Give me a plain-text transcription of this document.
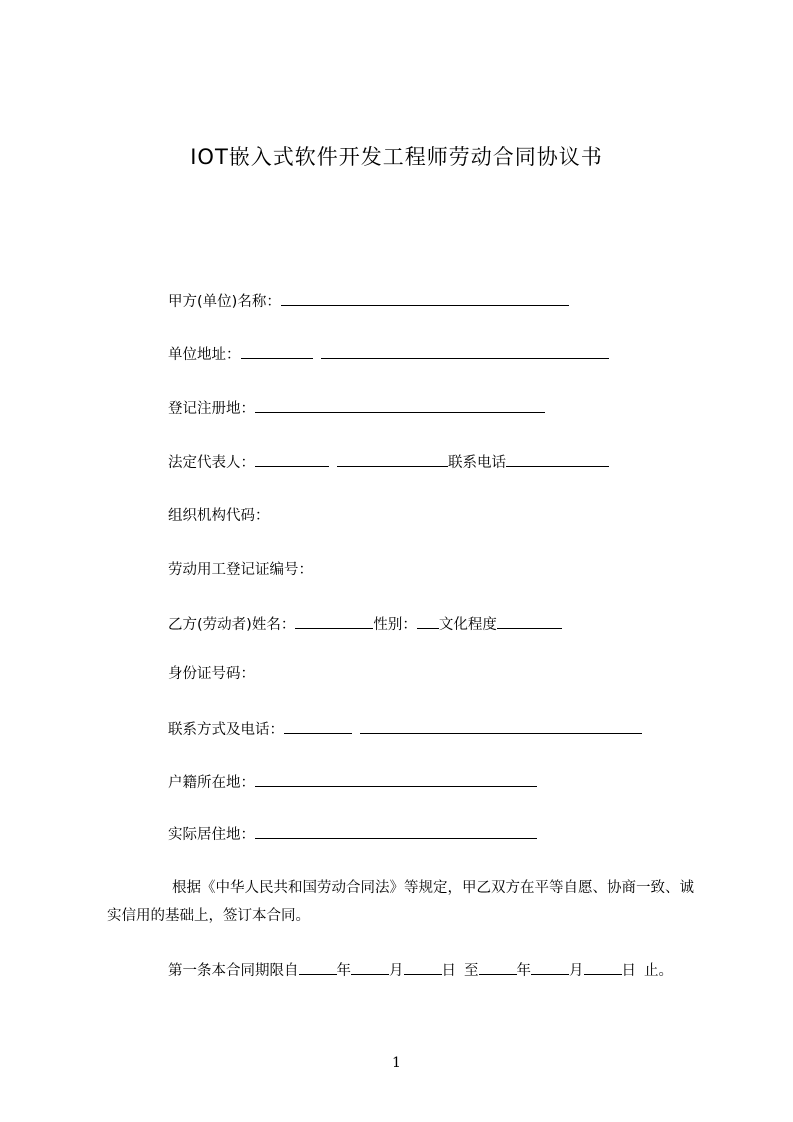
IOT嵌入式软件开发工程师劳动合同协议书
甲方(单位)名称：
单位地址：
登记注册地：
法定代表人：	联系电话
组织机构代码：
劳动用工登记证编号：
乙方(劳动者)姓名：	性别： 文化程度
身份证号码：
联系方式及电话：
户籍所在地：
实际居住地：
根据《中华人民共和国劳动合同法》等规定，甲乙双方在平等自愿、协商一致、诚实信用的基础上，签订本合同。
第一条本合同期限自	年	月	日 至	年	月	日 止。
1
